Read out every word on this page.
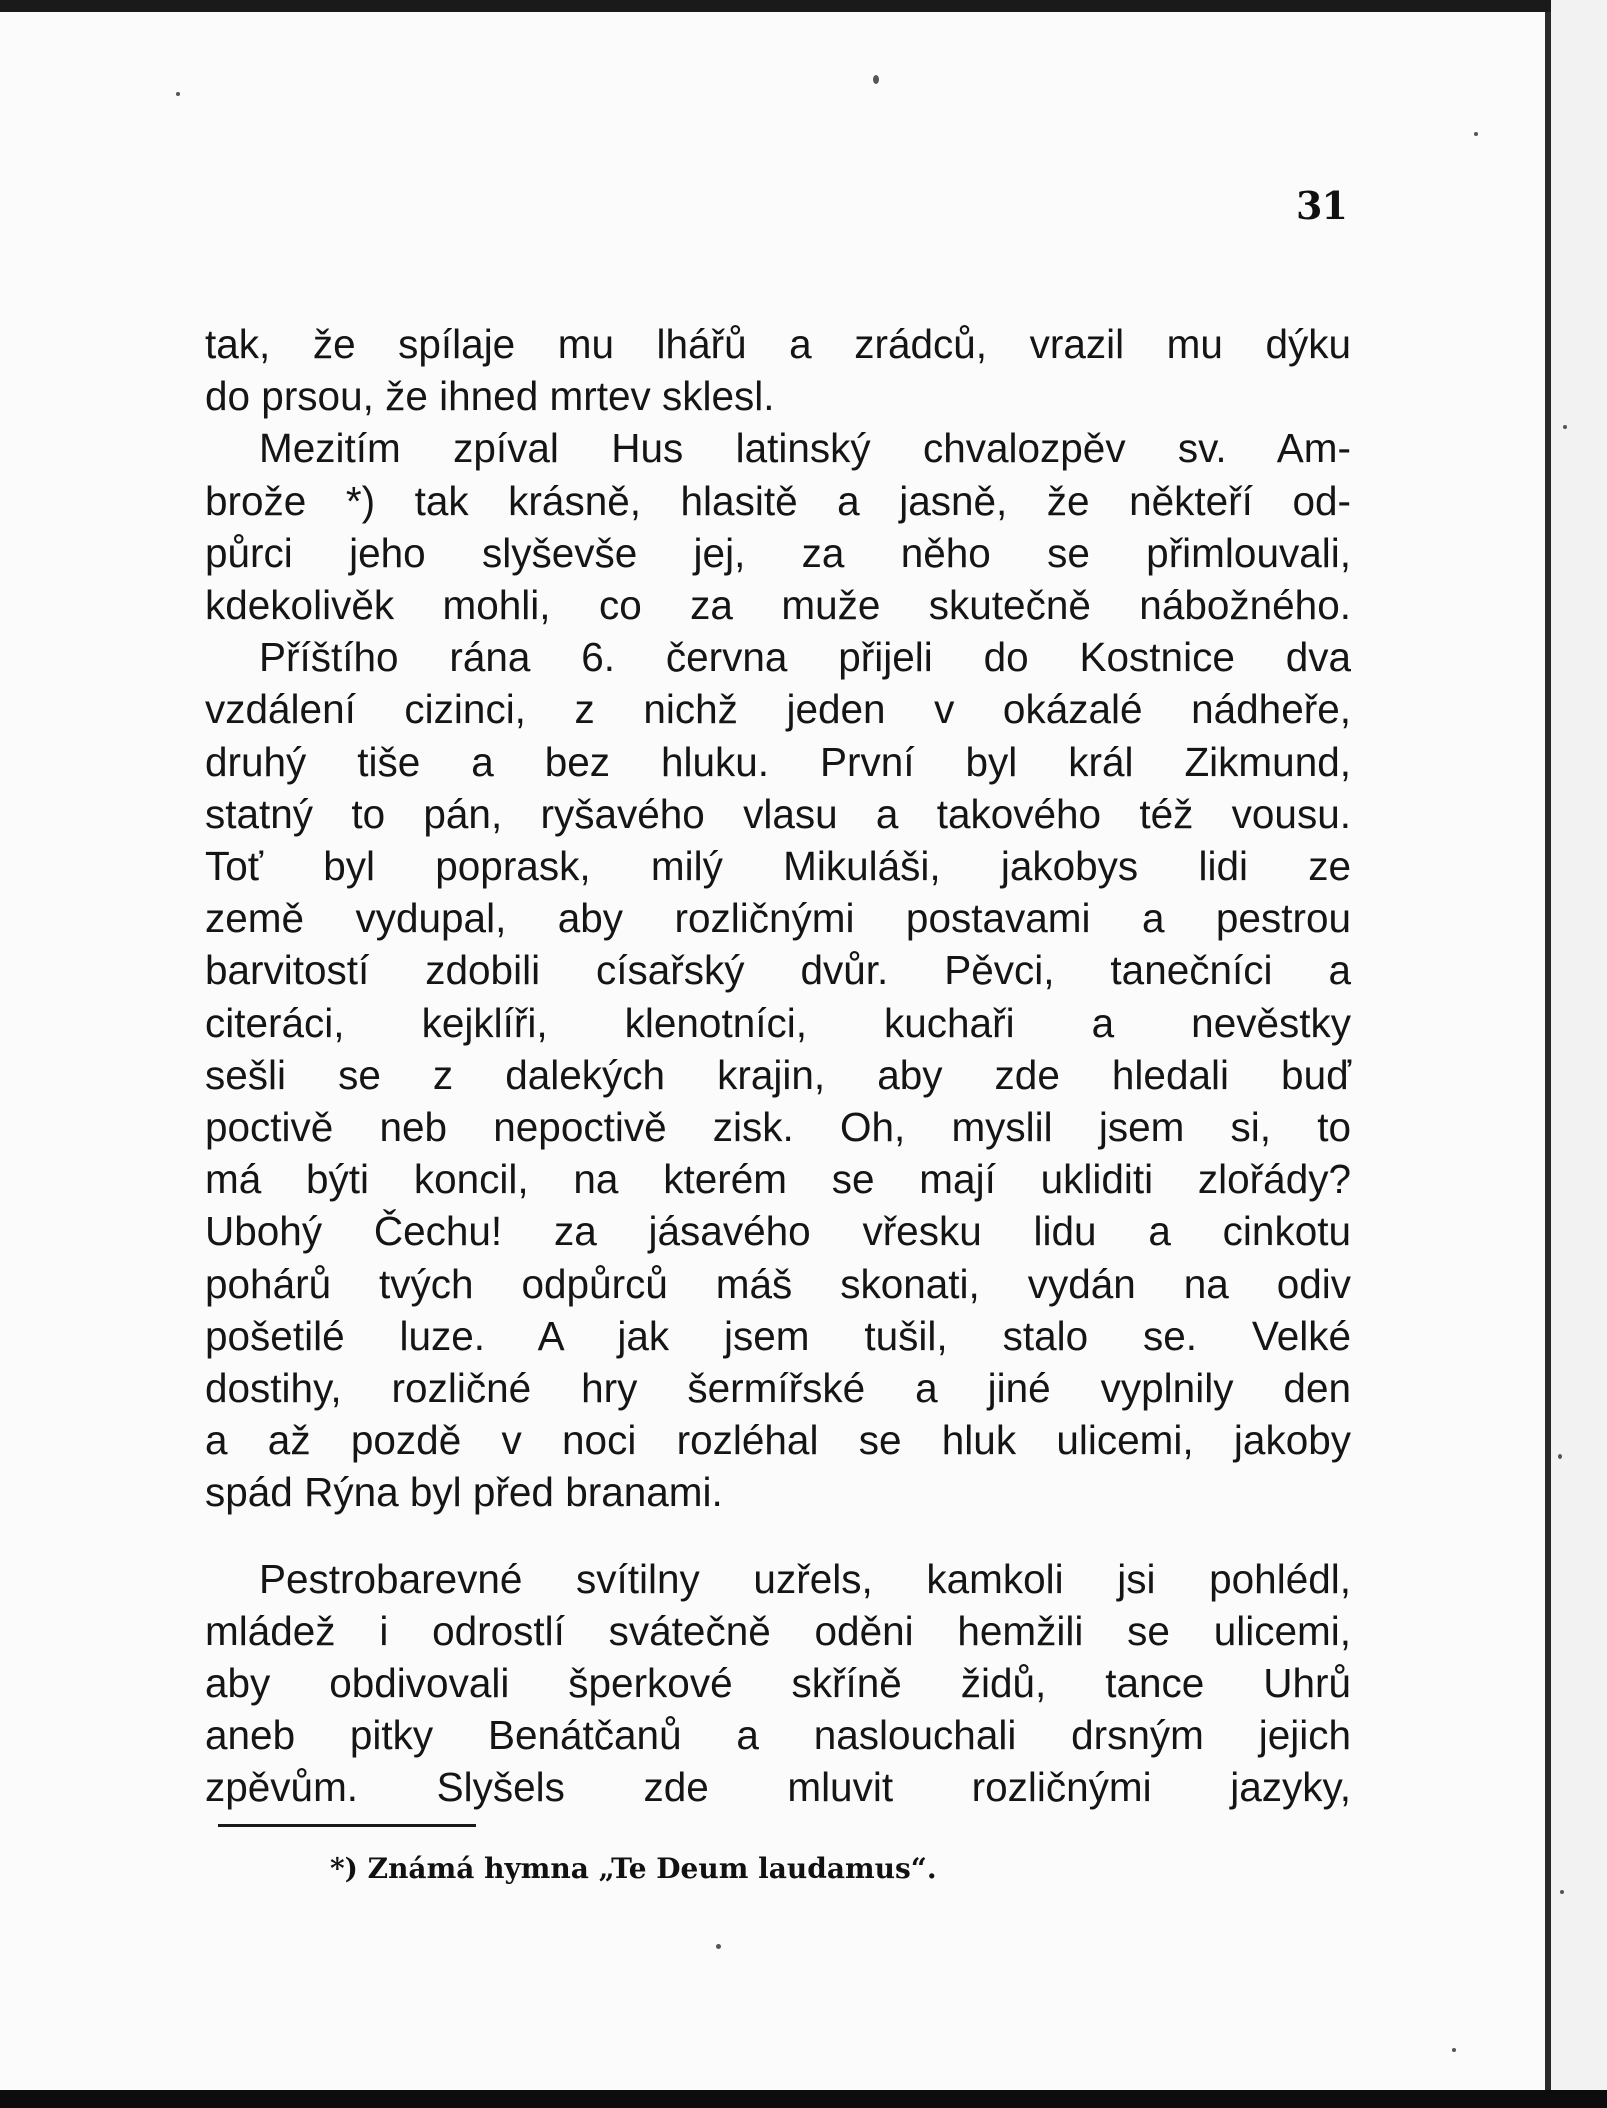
31
tak, že spílaje mu lhářů a zrádců, vrazil mu dýku
do prsou, že ihned mrtev sklesl.
Mezitím zpíval Hus latinský chvalozpěv sv. Am-
brože *) tak krásně, hlasitě a jasně, že někteří od-
půrci jeho slyševše jej, za něho se přimlouvali,
kdekolivěk mohli, co za muže skutečně nábožného.
Příštího rána 6. června přijeli do Kostnice dva
vzdálení cizinci, z nichž jeden v okázalé nádheře,
druhý tiše a bez hluku. První byl král Zikmund,
statný to pán, ryšavého vlasu a takového též vousu.
Toť byl poprask, milý Mikuláši, jakobys lidi ze
země vydupal, aby rozličnými postavami a pestrou
barvitostí zdobili císařský dvůr. Pěvci, tanečníci a
citeráci, kejklíři, klenotníci, kuchaři a nevěstky
sešli se z dalekých krajin, aby zde hledali buď
poctivě neb nepoctivě zisk. Oh, myslil jsem si, to
má býti koncil, na kterém se mají ukliditi zlořády?
Ubohý Čechu! za jásavého vřesku lidu a cinkotu
pohárů tvých odpůrců máš skonati, vydán na odiv
pošetilé luze. A jak jsem tušil, stalo se. Velké
dostihy, rozličné hry šermířské a jiné vyplnily den
a až pozdě v noci rozléhal se hluk ulicemi, jakoby
spád Rýna byl před branami.
Pestrobarevné svítilny uzřels, kamkoli jsi pohlédl,
mládež i odrostlí svátečně oděni hemžili se ulicemi,
aby obdivovali šperkové skříně židů, tance Uhrů
aneb pitky Benátčanů a naslouchali drsným jejich
zpěvům. Slyšels zde mluvit rozličnými jazyky,
*) Známá hymna „Te Deum laudamus“.
